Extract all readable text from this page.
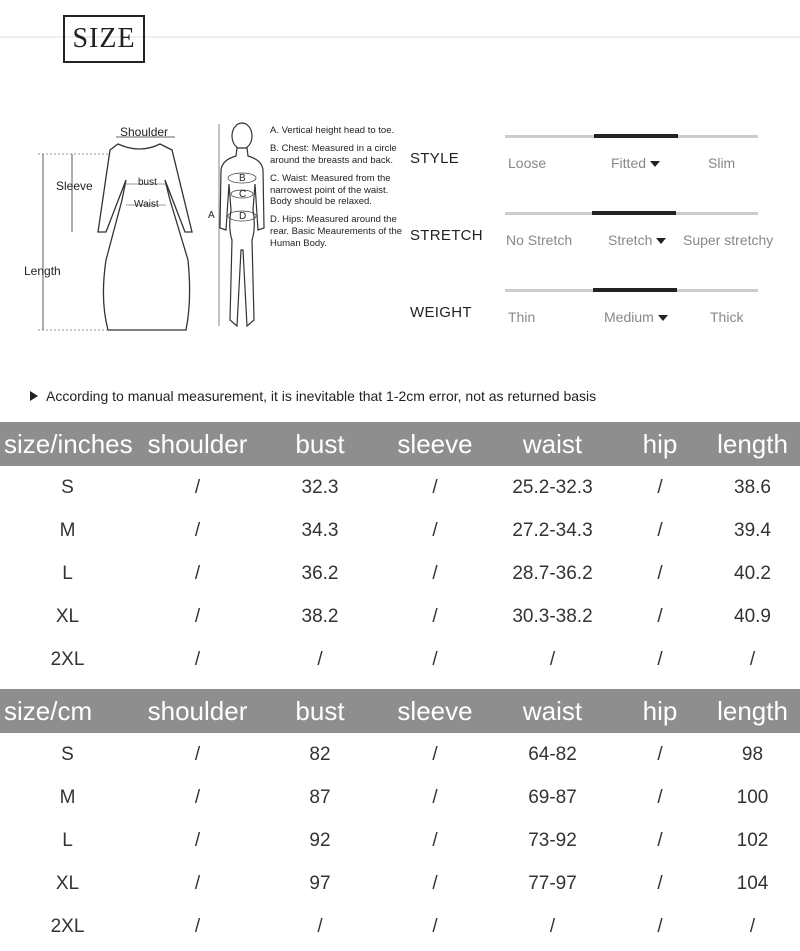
SIZE
Shoulder
Sleeve
Length
bust
Waist
A
B
C
D
A. Vertical height head to toe.
B. Chest: Measured in a circle around the breasts and back.
C. Waist: Measured from the narrowest point of the waist. Body should be relaxed.
D. Hips: Measured around the rear. Basic Meaurements of the Human Body.
STYLE	Loose	Fitted	Slim
STRETCH No Stretch	Stretch	Super stretchy
WEIGHT	Thin	Medium	Thick
According to manual measurement, it is inevitable that 1-2cm error, not as returned basis
size/inches	shoulder	bust	sleeve	waist	hip	length
S	/	32.3	/	25.2-32.3	/	38.6
M	/	34.3	/	27.2-34.3	/	39.4
L	/	36.2	/	28.7-36.2	/	40.2
XL	/	38.2	/	30.3-38.2	/	40.9
2XL	/	/	/	/	/	/
size/cm	shoulder	bust	sleeve	waist	hip	length
S	/	82	/	64-82	/	98
M	/	87	/	69-87	/	100
L	/	92	/	73-92	/	102
XL	/	97	/	77-97	/	104
2XL	/	/	/	/	/	/
